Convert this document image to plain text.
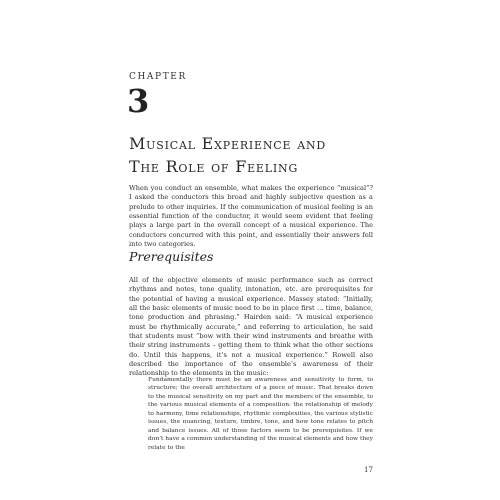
CHAPTER
3
Musical Experience and
The Role of Feeling

When you conduct an ensemble, what makes the experience “musical”? I asked the conductors this broad and highly subjective question as a prelude to other inquiries. If the communication of musical feeling is an essential function of the conductor, it would seem evident that feeling plays a large part in the overall concept of a musical experience. The conductors concurred with this point, and essentially their answers fell into two categories.

Prerequisites

All of the objective elements of music performance such as correct rhythms and notes, tone quality, intonation, etc. are prerequisites for the potential of having a musical experience. Massey stated: “Initially, all the basic elements of music need to be in place first … time, balance, tone production and phrasing.” Hairden said: “A musical experience must be rhythmically accurate,” and referring to articulation, he said that students must “bow with their wind instruments and breathe with their string instruments – getting them to think what the other sections do. Until this happens, it’s not a musical experience.” Rowell also described the importance of the ensemble’s awareness of their relationship to the elements in the music:

Fundamentally there must be an awareness and sensitivity to form, to structure; the overall architecture of a piece of music. That breaks down to the musical sensitivity on my part and the members of the ensemble, to the various musical elements of a composition: the relationship of melody to harmony, time relationships, rhythmic complexities, the various stylistic issues, the nuancing, texture, timbre, tone, and how tone relates to pitch and balance issues. All of those factors seem to be prerequisites. If we don’t have a common understanding of the musical elements and how they relate to the

17
